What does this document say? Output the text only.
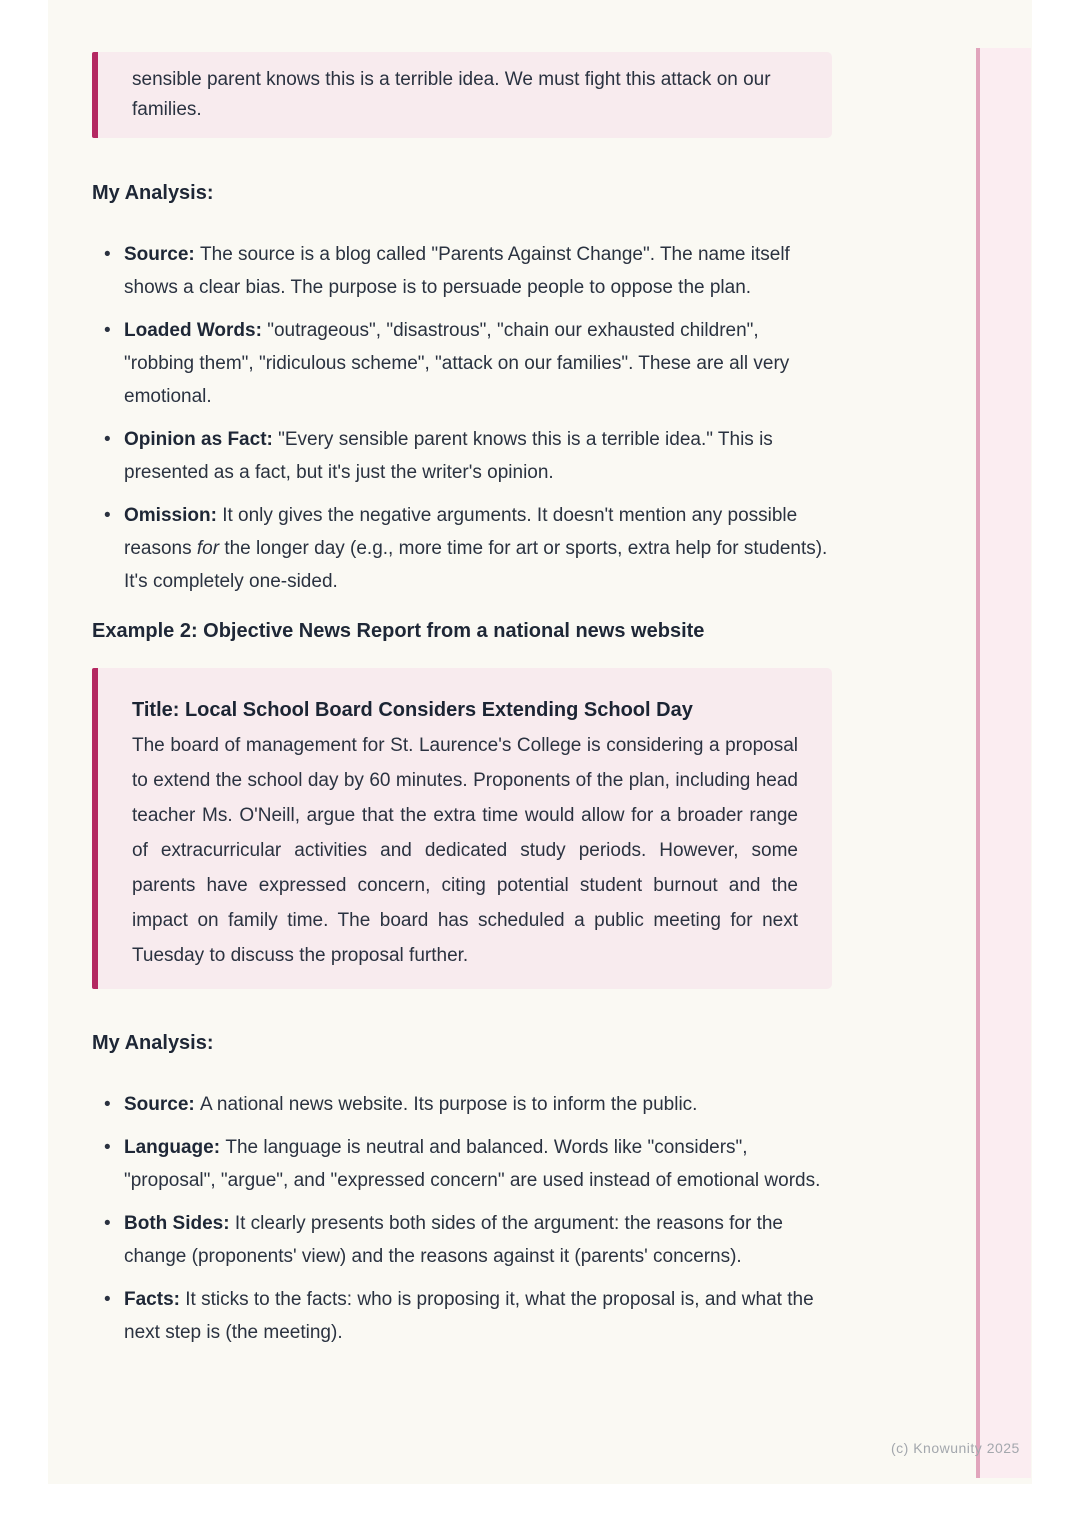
sensible parent knows this is a terrible idea. We must fight this attack on our families.

My Analysis:
• Source: The source is a blog called "Parents Against Change". The name itself shows a clear bias. The purpose is to persuade people to oppose the plan.
• Loaded Words: "outrageous", "disastrous", "chain our exhausted children", "robbing them", "ridiculous scheme", "attack on our families". These are all very emotional.
• Opinion as Fact: "Every sensible parent knows this is a terrible idea." This is presented as a fact, but it's just the writer's opinion.
• Omission: It only gives the negative arguments. It doesn't mention any possible reasons for the longer day (e.g., more time for art or sports, extra help for students). It's completely one-sided.
Example 2: Objective News Report from a national news website

Title: Local School Board Considers Extending School Day

The board of management for St. Laurence's College is considering a proposal to extend the school day by 60 minutes. Proponents of the plan, including head teacher Ms. O'Neill, argue that the extra time would allow for a broader range of extracurricular activities and dedicated study periods. However, some parents have expressed concern, citing potential student burnout and the impact on family time. The board has scheduled a public meeting for next Tuesday to discuss the proposal further.

My Analysis:
• Source: A national news website. Its purpose is to inform the public.
• Language: The language is neutral and balanced. Words like "considers", "proposal", "argue", and "expressed concern" are used instead of emotional words.
• Both Sides: It clearly presents both sides of the argument: the reasons for the change (proponents' view) and the reasons against it (parents' concerns).
• Facts: It sticks to the facts: who is proposing it, what the proposal is, and what the next step is (the meeting).
(c) Knowunity 2025
